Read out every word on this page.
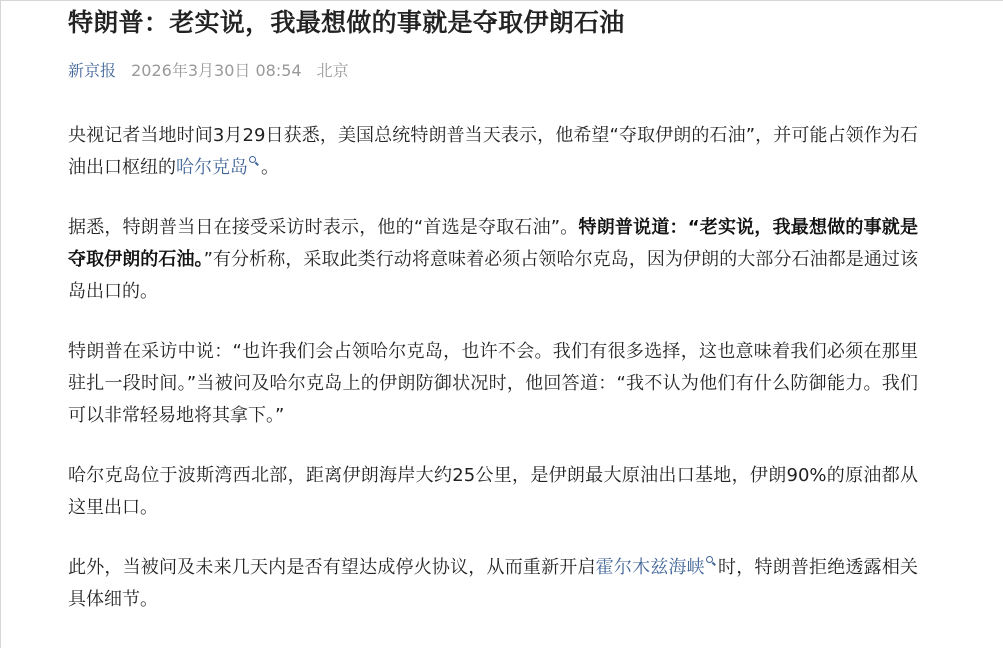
特朗普：老实说，我最想做的事就是夺取伊朗石油
新京报 2026年3月30日 08:54 北京

央视记者当地时间3月29日获悉，美国总统特朗普当天表示，他希望“夺取伊朗的石油”，并可能占领作为石油出口枢纽的哈尔克岛 。

据悉，特朗普当日在接受采访时表示，他的“首选是夺取石油”。特朗普说道：“老实说，我最想做的事就是夺取伊朗的石油。”有分析称，采取此类行动将意味着必须占领哈尔克岛，因为伊朗的大部分石油都是通过该岛出口的。

特朗普在采访中说：“也许我们会占领哈尔克岛，也许不会。我们有很多选择，这也意味着我们必须在那里驻扎一段时间。”当被问及哈尔克岛上的伊朗防御状况时，他回答道：“我不认为他们有什么防御能力。我们可以非常轻易地将其拿下。”

哈尔克岛位于波斯湾西北部，距离伊朗海岸大约25公里，是伊朗最大原油出口基地，伊朗90%的原油都从这里出口。

此外，当被问及未来几天内是否有望达成停火协议，从而重新开启霍尔木兹海峡 时，特朗普拒绝透露相关具体细节。
